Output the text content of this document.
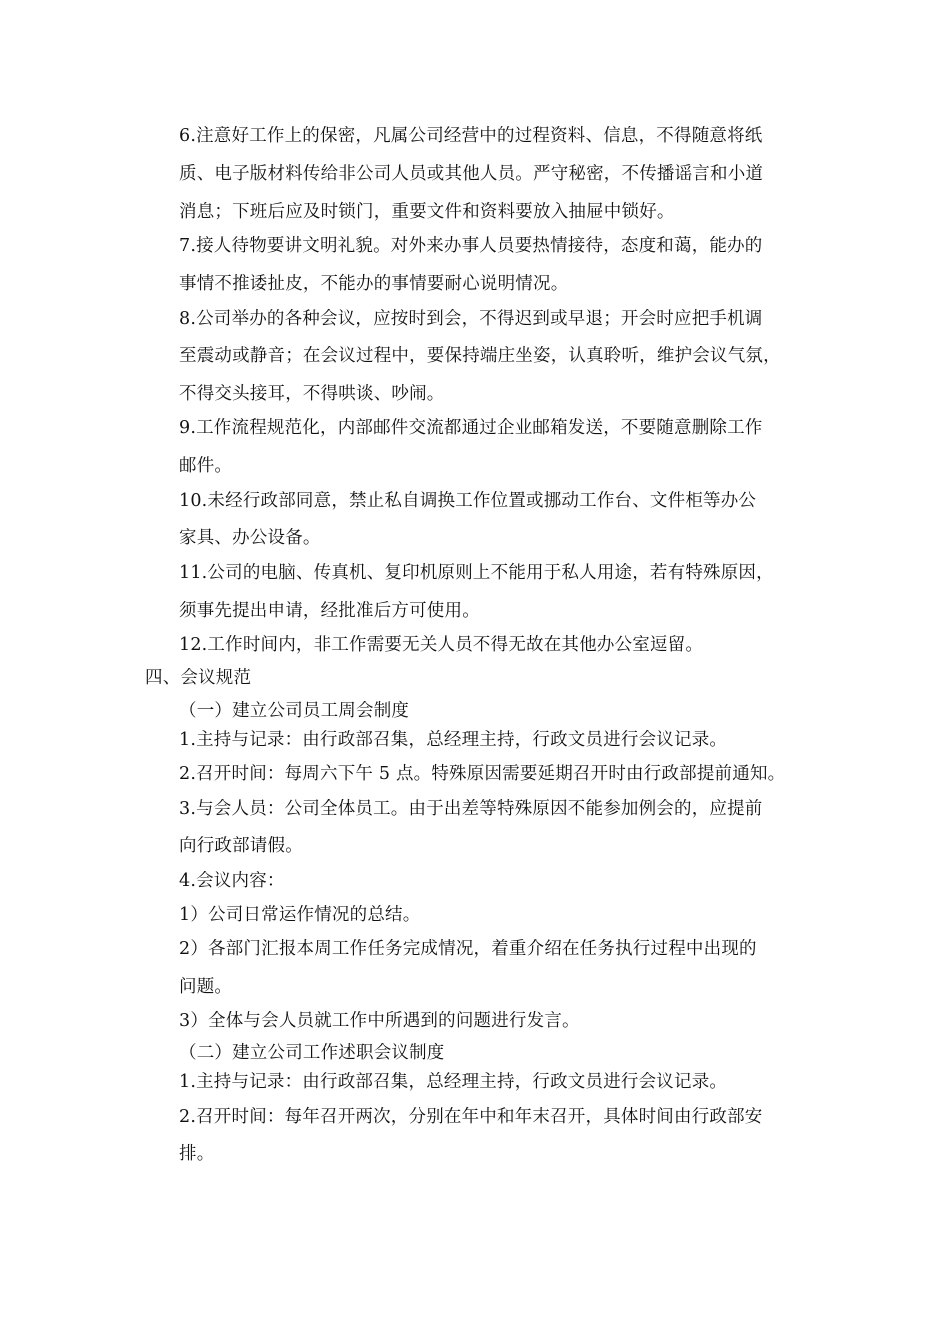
6.注意好工作上的保密，凡属公司经营中的过程资料、信息，不得随意将纸
质、电子版材料传给非公司人员或其他人员。严守秘密，不传播谣言和小道
消息；下班后应及时锁门，重要文件和资料要放入抽屉中锁好。
7.接人待物要讲文明礼貌。对外来办事人员要热情接待，态度和蔼，能办的
事情不推诿扯皮，不能办的事情要耐心说明情况。
8.公司举办的各种会议，应按时到会，不得迟到或早退；开会时应把手机调
至震动或静音；在会议过程中，要保持端庄坐姿，认真聆听，维护会议气氛，
不得交头接耳，不得哄谈、吵闹。
9.工作流程规范化，内部邮件交流都通过企业邮箱发送，不要随意删除工作
邮件。
10.未经行政部同意，禁止私自调换工作位置或挪动工作台、文件柜等办公
家具、办公设备。
11.公司的电脑、传真机、复印机原则上不能用于私人用途，若有特殊原因，
须事先提出申请，经批准后方可使用。
12.工作时间内，非工作需要无关人员不得无故在其他办公室逗留。
四、会议规范
（一）建立公司员工周会制度
1.主持与记录：由行政部召集，总经理主持，行政文员进行会议记录。
2.召开时间：每周六下午 5 点。特殊原因需要延期召开时由行政部提前通知。
3.与会人员：公司全体员工。由于出差等特殊原因不能参加例会的，应提前
向行政部请假。
4.会议内容：
1）公司日常运作情况的总结。
2）各部门汇报本周工作任务完成情况，着重介绍在任务执行过程中出现的
问题。
3）全体与会人员就工作中所遇到的问题进行发言。
（二）建立公司工作述职会议制度
1.主持与记录：由行政部召集，总经理主持，行政文员进行会议记录。
2.召开时间：每年召开两次，分别在年中和年末召开，具体时间由行政部安
排。
